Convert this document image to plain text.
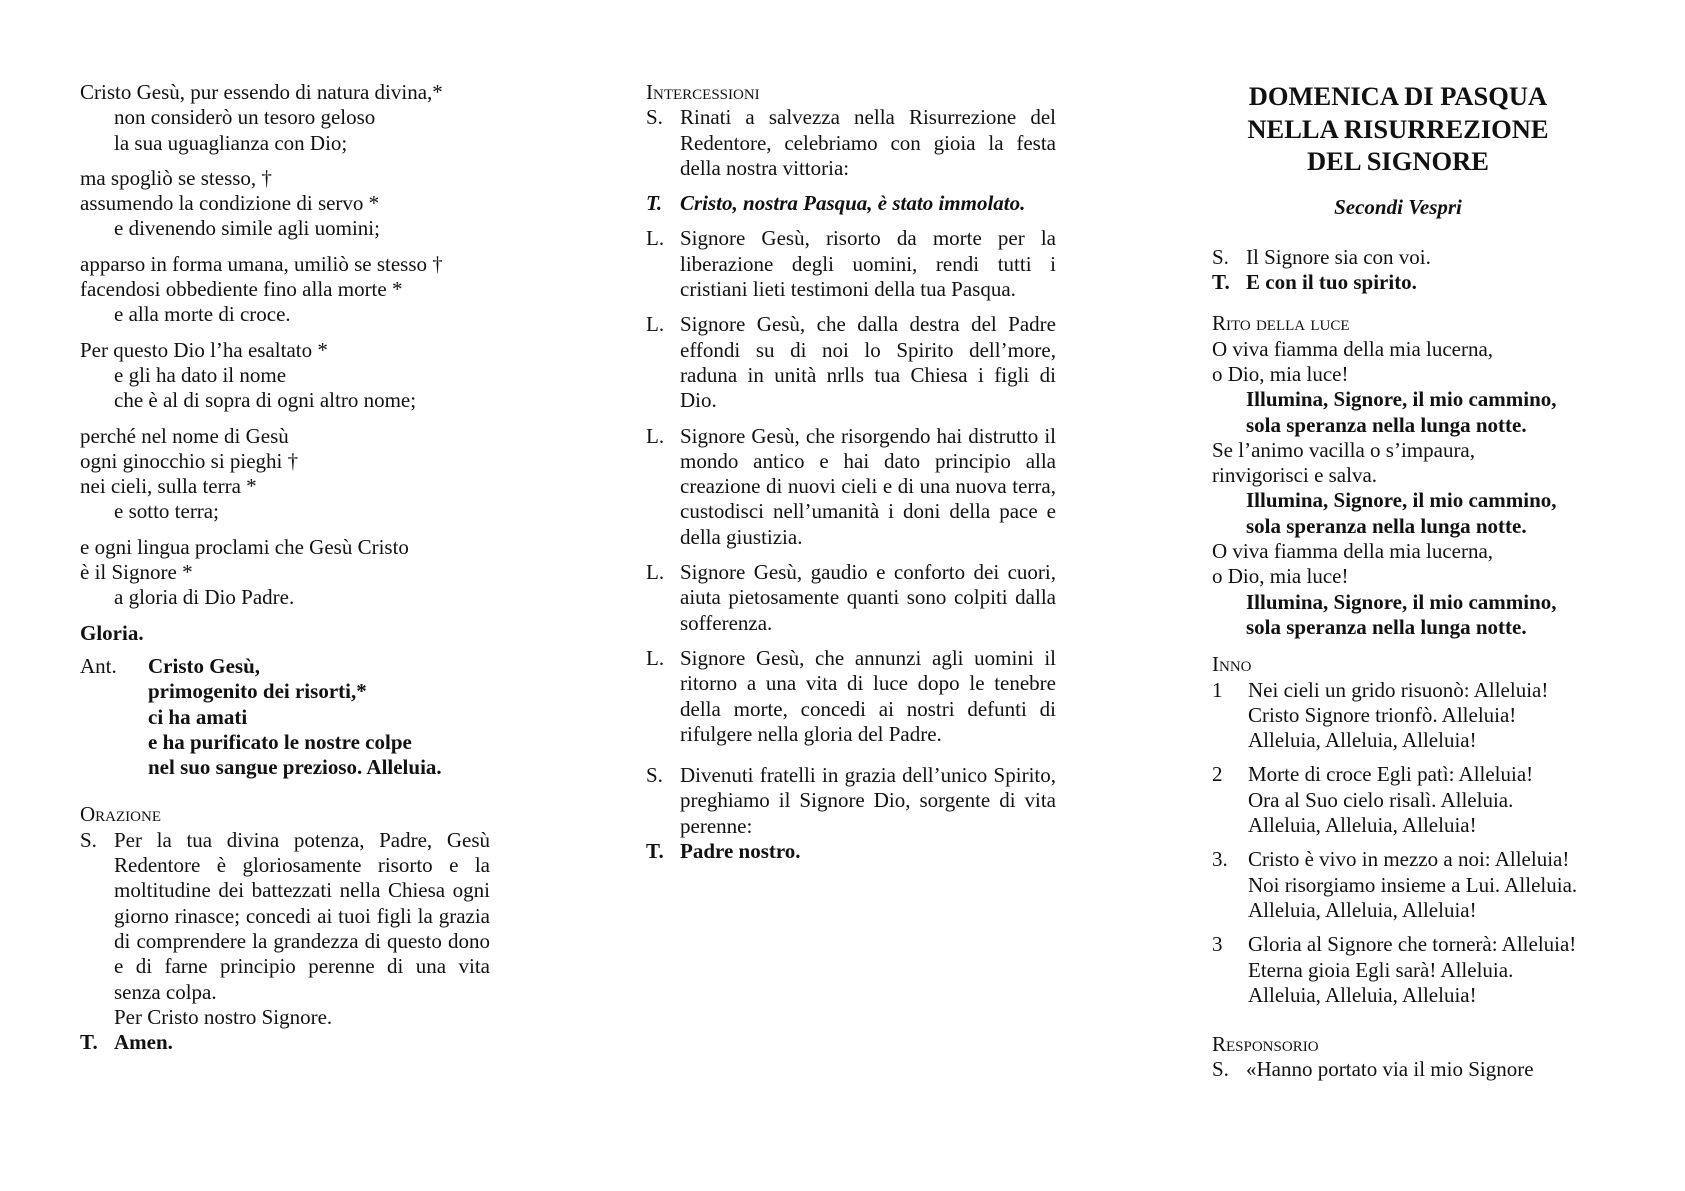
Cristo Gesù, pur essendo di natura divina,*
non considerò un tesoro geloso
la sua uguaglianza con Dio;
ma spogliò se stesso, †
assumendo la condizione di servo *
e divenendo simile agli uomini;
apparso in forma umana, umiliò se stesso †
facendosi obbediente fino alla morte *
e alla morte di croce.
Per questo Dio l’ha esaltato *
e gli ha dato il nome
che è al di sopra di ogni altro nome;
perché nel nome di Gesù
ogni ginocchio si pieghi †
nei cieli, sulla terra *
e sotto terra;
e ogni lingua proclami che Gesù Cristo
è il Signore *
a gloria di Dio Padre.
Gloria.
Ant.	Cristo Gesù,
primogenito dei risorti,*
ci ha amati
e ha purificato le nostre colpe
nel suo sangue prezioso. Alleluia.
Orazione
S. Per la tua divina potenza, Padre, Gesù Redentore è gloriosamente risorto e la moltitudine dei battezzati nella Chiesa ogni giorno rinasce; concedi ai tuoi figli la grazia di comprendere la grandezza di questo dono e di farne principio perenne di una vita senza colpa.
Per Cristo nostro Signore.
T. Amen.
Intercessioni
S. Rinati a salvezza nella Risurrezione del Redentore, celebriamo con gioia la festa della nostra vittoria:
T. Cristo, nostra Pasqua, è stato immolato.
L. Signore Gesù, risorto da morte per la liberazione degli uomini, rendi tutti i cristiani lieti testimoni della tua Pasqua.
L. Signore Gesù, che dalla destra del Padre effondi su di noi lo Spirito dell’more, raduna in unità nrlls tua Chiesa i figli di Dio.
L. Signore Gesù, che risorgendo hai distrutto il mondo antico e hai dato principio alla creazione di nuovi cieli e di una nuova terra, custodisci nell’umanità i doni della pace e della giustizia.
L. Signore Gesù, gaudio e conforto dei cuori, aiuta pietosamente quanti sono colpiti dalla sofferenza.
L. Signore Gesù, che annunzi agli uomini il ritorno a una vita di luce dopo le tenebre della morte, concedi ai nostri defunti di rifulgere nella gloria del Padre.
S. Divenuti fratelli in grazia dell’unico Spirito, preghiamo il Signore Dio, sorgente di vita perenne:
T. Padre nostro.
DOMENICA DI PASQUA
NELLA RISURREZIONE
DEL SIGNORE
Secondi Vespri
S. Il Signore sia con voi.
T. E con il tuo spirito.
Rito della luce
O viva fiamma della mia lucerna,
o Dio, mia luce!
Illumina, Signore, il mio cammino,
sola speranza nella lunga notte.
Se l’animo vacilla o s’impaura,
rinvigorisci e salva.
Illumina, Signore, il mio cammino,
sola speranza nella lunga notte.
O viva fiamma della mia lucerna,
o Dio, mia luce!
Illumina, Signore, il mio cammino,
sola speranza nella lunga notte.
Inno
1	Nei cieli un grido risuonò: Alleluia!
Cristo Signore trionfò. Alleluia!
Alleluia, Alleluia, Alleluia!
2	Morte di croce Egli patì: Alleluia!
Ora al Suo cielo risalì. Alleluia.
Alleluia, Alleluia, Alleluia!
3. Cristo è vivo in mezzo a noi: Alleluia!
Noi risorgiamo insieme a Lui. Alleluia.
Alleluia, Alleluia, Alleluia!
3	Gloria al Signore che tornerà: Alleluia!
Eterna gioia Egli sarà! Alleluia.
Alleluia, Alleluia, Alleluia!
Responsorio
S. «Hanno portato via il mio Signore
